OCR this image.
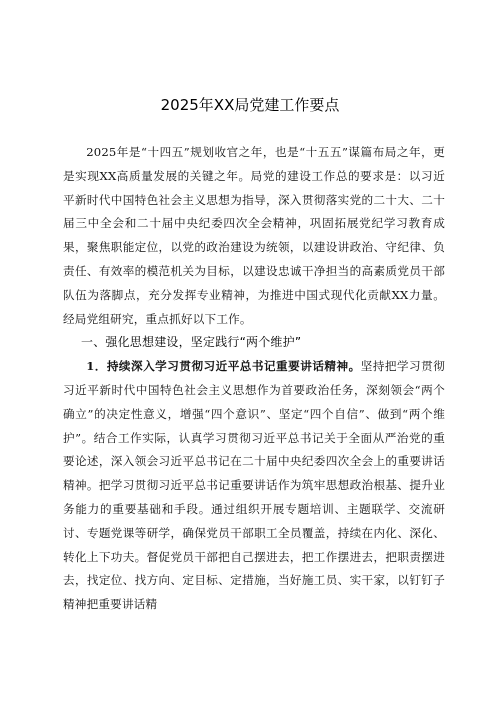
2025年XX局党建工作要点

2025年是“十四五”规划收官之年，也是“十五五”谋篇布局之年，更是实现XX高质量发展的关键之年。局党的建设工作总的要求是：以习近平新时代中国特色社会主义思想为指导，深入贯彻落实党的二十大、二十届三中全会和二十届中央纪委四次全会精神，巩固拓展党纪学习教育成果，聚焦职能定位，以党的政治建设为统领，以建设讲政治、守纪律、负责任、有效率的模范机关为目标，以建设忠诚干净担当的高素质党员干部队伍为落脚点，充分发挥专业精神，为推进中国式现代化贡献XX力量。经局党组研究，重点抓好以下工作。

一、强化思想建设，坚定践行“两个维护”

1．持续深入学习贯彻习近平总书记重要讲话精神。坚持把学习贯彻习近平新时代中国特色社会主义思想作为首要政治任务，深刻领会“两个确立”的决定性意义，增强“四个意识”、坚定“四个自信”、做到“两个维护”。结合工作实际，认真学习贯彻习近平总书记关于全面从严治党的重要论述，深入领会习近平总书记在二十届中央纪委四次全会上的重要讲话精神。把学习贯彻习近平总书记重要讲话作为筑牢思想政治根基、提升业务能力的重要基础和手段。通过组织开展专题培训、主题联学、交流研讨、专题党课等研学，确保党员干部职工全员覆盖，持续在内化、深化、转化上下功夫。督促党员干部把自己摆进去，把工作摆进去，把职责摆进去，找定位、找方向、定目标、定措施，当好施工员、实干家，以钉钉子精神把重要讲话精
